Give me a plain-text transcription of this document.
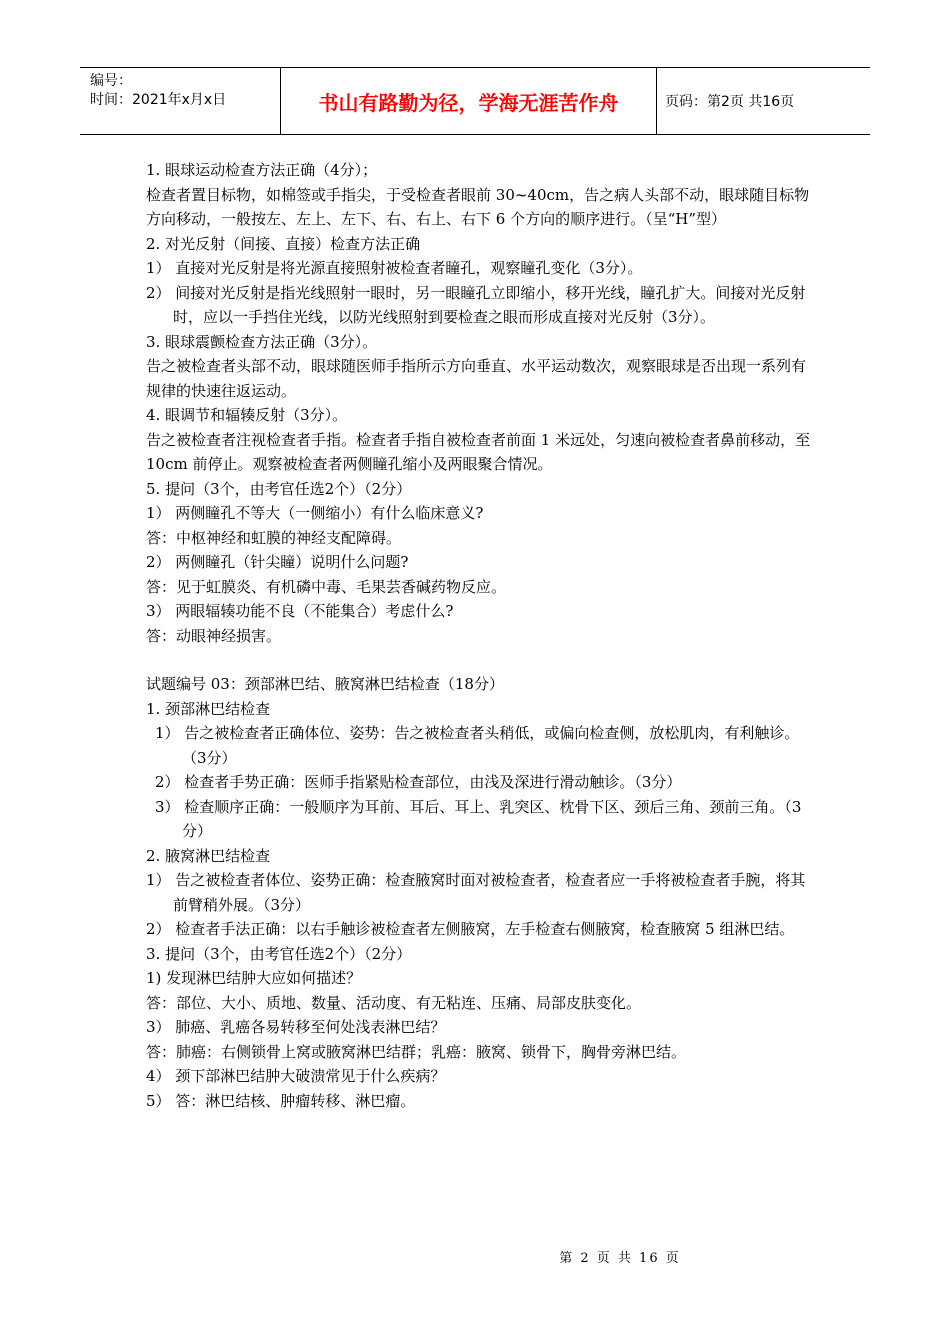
编号：
时间：2021年x月x日	书山有路勤为径，学海无涯苦作舟	页码：第2页 共16页
1. 眼球运动检查方法正确（4分）；
检查者置目标物，如棉签或手指尖，于受检查者眼前 30~40cm，告之病人头部不动，眼球随目标物方向移动，一般按左、左上、左下、右、右上、右下 6 个方向的顺序进行。（呈“H”型）
2. 对光反射（间接、直接）检查方法正确
1） 直接对光反射是将光源直接照射被检查者瞳孔，观察瞳孔变化（3分）。
2） 间接对光反射是指光线照射一眼时，另一眼瞳孔立即缩小，移开光线，瞳孔扩大。间接对光反射时，应以一手挡住光线，以防光线照射到要检查之眼而形成直接对光反射（3分）。
3. 眼球震颤检查方法正确（3分）。
告之被检查者头部不动，眼球随医师手指所示方向垂直、水平运动数次，观察眼球是否出现一系列有规律的快速往返运动。
4. 眼调节和辐辏反射（3分）。
告之被检查者注视检查者手指。检查者手指自被检查者前面 1 米远处，匀速向被检查者鼻前移动，至 10cm 前停止。观察被检查者两侧瞳孔缩小及两眼聚合情况。
5. 提问（3个，由考官任选2个）（2分）
1） 两侧瞳孔不等大（一侧缩小）有什么临床意义?
答：中枢神经和虹膜的神经支配障碍。
2） 两侧瞳孔（针尖瞳）说明什么问题?
答：见于虹膜炎、有机磷中毒、毛果芸香碱药物反应。
3） 两眼辐辏功能不良（不能集合）考虑什么?
答：动眼神经损害。
试题编号 03：颈部淋巴结、腋窝淋巴结检查（18分）
1. 颈部淋巴结检查
1） 告之被检查者正确体位、姿势：告之被检查者头稍低，或偏向检查侧，放松肌肉，有利触诊。（3分）
2） 检查者手势正确：医师手指紧贴检查部位，由浅及深进行滑动触诊。（3分）
3） 检查顺序正确：一般顺序为耳前、耳后、耳上、乳突区、枕骨下区、颈后三角、颈前三角。（3分）
2. 腋窝淋巴结检查
1） 告之被检查者体位、姿势正确：检查腋窝时面对被检查者，检查者应一手将被检查者手腕，将其前臂稍外展。（3分）
2） 检查者手法正确：以右手触诊被检查者左侧腋窝，左手检查右侧腋窝，检查腋窝 5 组淋巴结。
3. 提问（3个，由考官任选2个）（2分）
1) 发现淋巴结肿大应如何描述？
答：部位、大小、质地、数量、活动度、有无粘连、压痛、局部皮肤变化。
3） 肺癌、乳癌各易转移至何处浅表淋巴结？
答：肺癌：右侧锁骨上窝或腋窝淋巴结群；乳癌：腋窝、锁骨下，胸骨旁淋巴结。
4） 颈下部淋巴结肿大破溃常见于什么疾病？
5） 答：淋巴结核、肿瘤转移、淋巴瘤。
第 2 页 共 16 页
